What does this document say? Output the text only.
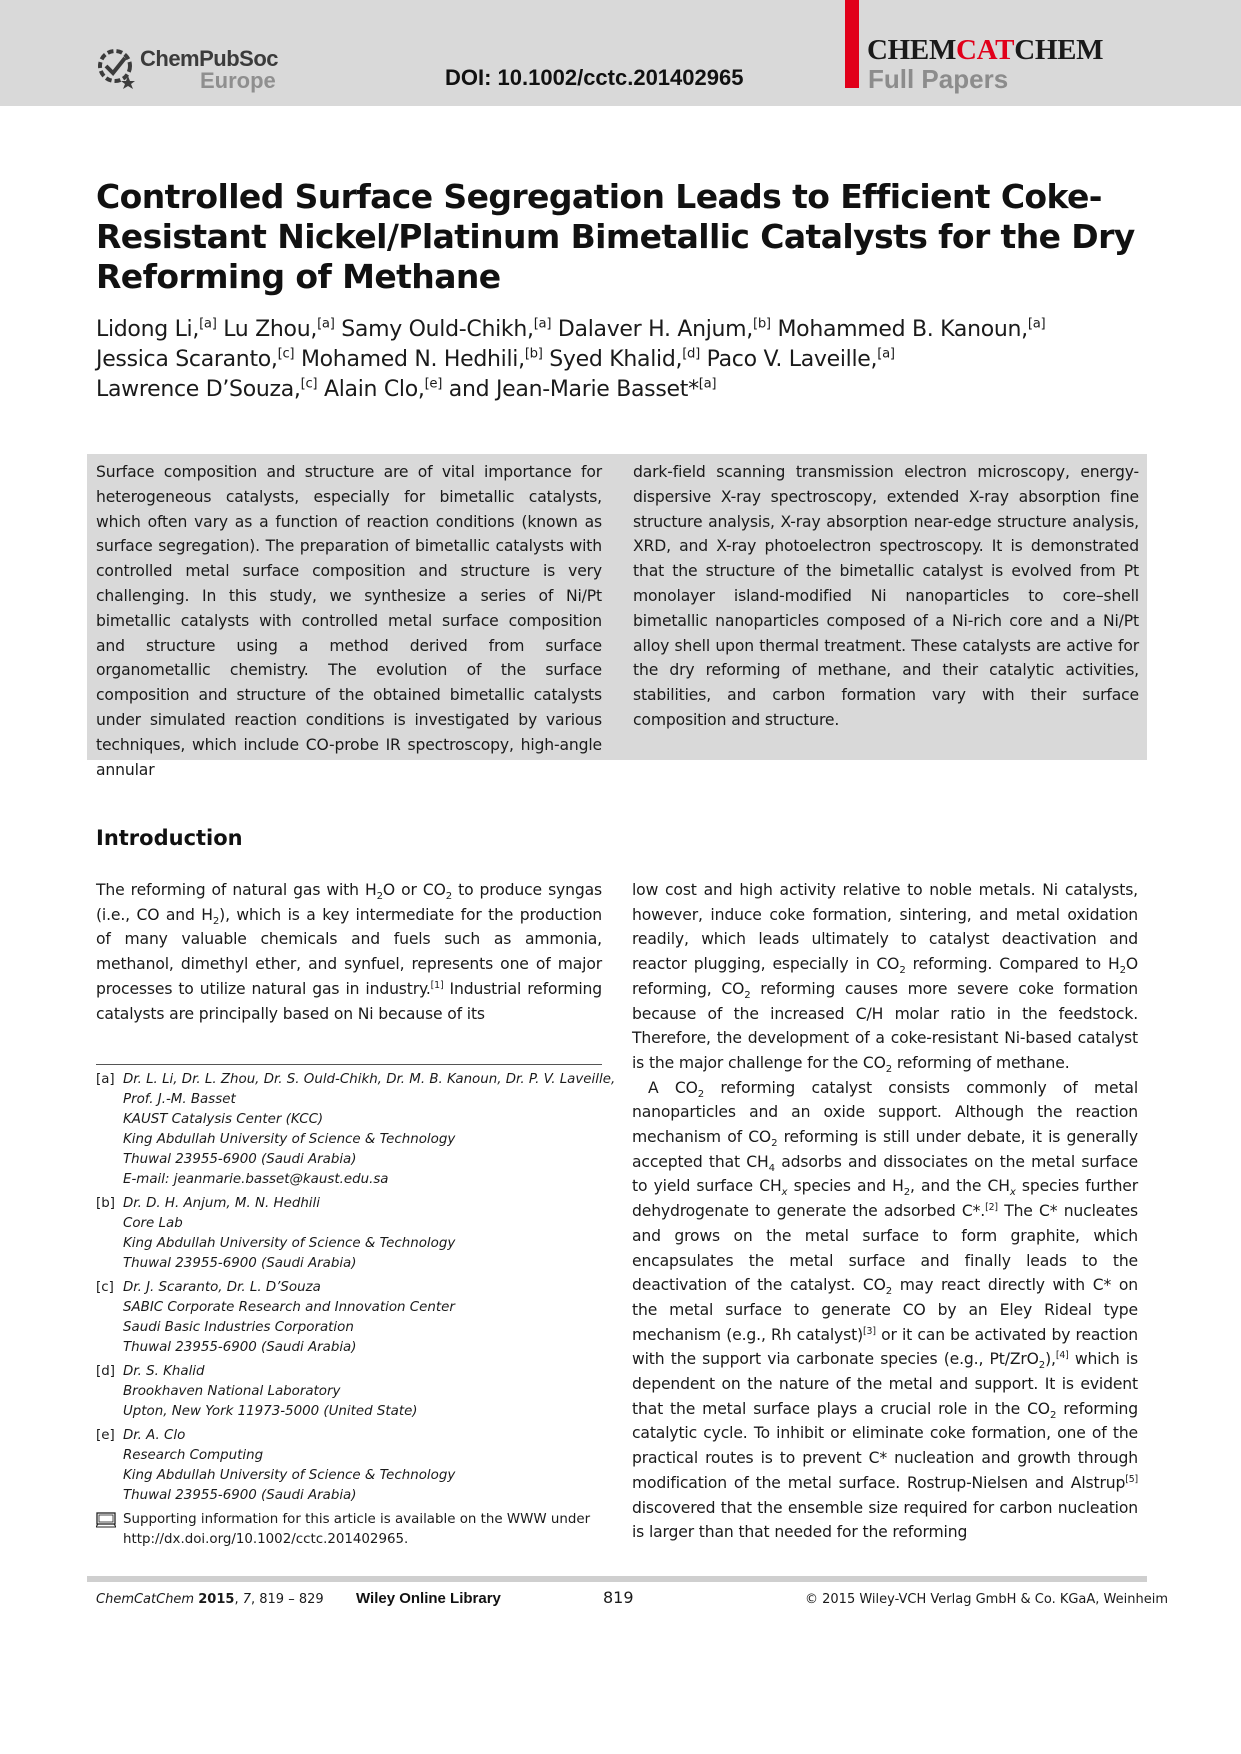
ChemPubSoc
Europe	DOI: 10.1002/cctc.201402965
CHEMCATCHEM
Full Papers
Controlled Surface Segregation Leads to Efficient Coke-Resistant Nickel/Platinum Bimetallic Catalysts for the Dry Reforming of Methane
Lidong Li,[a] Lu Zhou,[a] Samy Ould-Chikh,[a] Dalaver H. Anjum,[b] Mohammed B. Kanoun,[a]
Jessica Scaranto,[c] Mohamed N. Hedhili,[b] Syed Khalid,[d] Paco V. Laveille,[a]
Lawrence D’Souza,[c] Alain Clo,[e] and Jean-Marie Basset*[a]
Surface composition and structure are of vital importance for heterogeneous catalysts, especially for bimetallic catalysts, which often vary as a function of reaction conditions (known as surface segregation). The preparation of bimetallic catalysts with controlled metal surface composition and structure is very challenging. In this study, we synthesize a series of Ni/Pt bimetallic catalysts with controlled metal surface composition and structure using a method derived from surface organometallic chemistry. The evolution of the surface composition and structure of the obtained bimetallic catalysts under simulated reaction conditions is investigated by various techniques, which include CO-probe IR spectroscopy, high-angle annular
dark-field scanning transmission electron microscopy, energy-dispersive X-ray spectroscopy, extended X-ray absorption fine structure analysis, X-ray absorption near-edge structure analysis, XRD, and X-ray photoelectron spectroscopy. It is demonstrated that the structure of the bimetallic catalyst is evolved from Pt monolayer island-modified Ni nanoparticles to core–shell bimetallic nanoparticles composed of a Ni-rich core and a Ni/Pt alloy shell upon thermal treatment. These catalysts are active for the dry reforming of methane, and their catalytic activities, stabilities, and carbon formation vary with their surface composition and structure.
Introduction
The reforming of natural gas with $H_2O$ or $CO_2$ to produce syngas (i.e., CO and $H_2$), which is a key intermediate for the production of many valuable chemicals and fuels such as ammonia, methanol, dimethyl ether, and synfuel, represents one of major processes to utilize natural gas in industry.[1] Industrial reforming catalysts are principally based on Ni because of its

low cost and high activity relative to noble metals. Ni catalysts, however, induce coke formation, sintering, and metal oxidation readily, which leads ultimately to catalyst deactivation and reactor plugging, especially in $CO_2$ reforming. Compared to $H_2O$ reforming, $CO_2$ reforming causes more severe coke formation because of the increased C/H molar ratio in the feedstock. Therefore, the development of a coke-resistant Ni-based catalyst is the major challenge for the $CO_2$ reforming of methane.

A $CO_2$ reforming catalyst consists commonly of metal nanoparticles and an oxide support. Although the reaction mechanism of $CO_2$ reforming is still under debate, it is generally accepted that $CH_4$ adsorbs and dissociates on the metal surface to yield surface $CH_x$ species and $H_2$, and the $CH_x$ species further dehydrogenate to generate the adsorbed C*.[2] The C* nucleates and grows on the metal surface to form graphite, which encapsulates the metal surface and finally leads to the deactivation of the catalyst. $CO_2$ may react directly with C* on the metal surface to generate CO by an Eley Rideal type mechanism (e.g., Rh catalyst)[3] or it can be activated by reaction with the support via carbonate species (e.g., Pt/ZrO$_2$),[4] which is dependent on the nature of the metal and support. It is evident that the metal surface plays a crucial role in the $CO_2$ reforming catalytic cycle. To inhibit or eliminate coke formation, one of the practical routes is to prevent C* nucleation and growth through modification of the metal surface. Rostrup-Nielsen and Alstrup[5] discovered that the ensemble size required for carbon nucleation is larger than that needed for the reforming

[a] Dr. L. Li, Dr. L. Zhou, Dr. S. Ould-Chikh, Dr. M. B. Kanoun, Dr. P. V. Laveille,
Prof. J.-M. Basset
KAUST Catalysis Center (KCC)
King Abdullah University of Science & Technology
Thuwal 23955-6900 (Saudi Arabia)
E-mail: jeanmarie.basset@kaust.edu.sa
[b] Dr. D. H. Anjum, M. N. Hedhili
Core Lab
King Abdullah University of Science & Technology
Thuwal 23955-6900 (Saudi Arabia)
[c] Dr. J. Scaranto, Dr. L. D’Souza
SABIC Corporate Research and Innovation Center
Saudi Basic Industries Corporation
Thuwal 23955-6900 (Saudi Arabia)
[d] Dr. S. Khalid
Brookhaven National Laboratory
Upton, New York 11973-5000 (United State)
[e] Dr. A. Clo
Research Computing
King Abdullah University of Science & Technology
Thuwal 23955-6900 (Saudi Arabia)
Supporting information for this article is available on the WWW under
http://dx.doi.org/10.1002/cctc.201402965.
ChemCatChem 2015, 7, 819 – 829 Wiley Online Library	819	© 2015 Wiley-VCH Verlag GmbH & Co. KGaA, Weinheim
